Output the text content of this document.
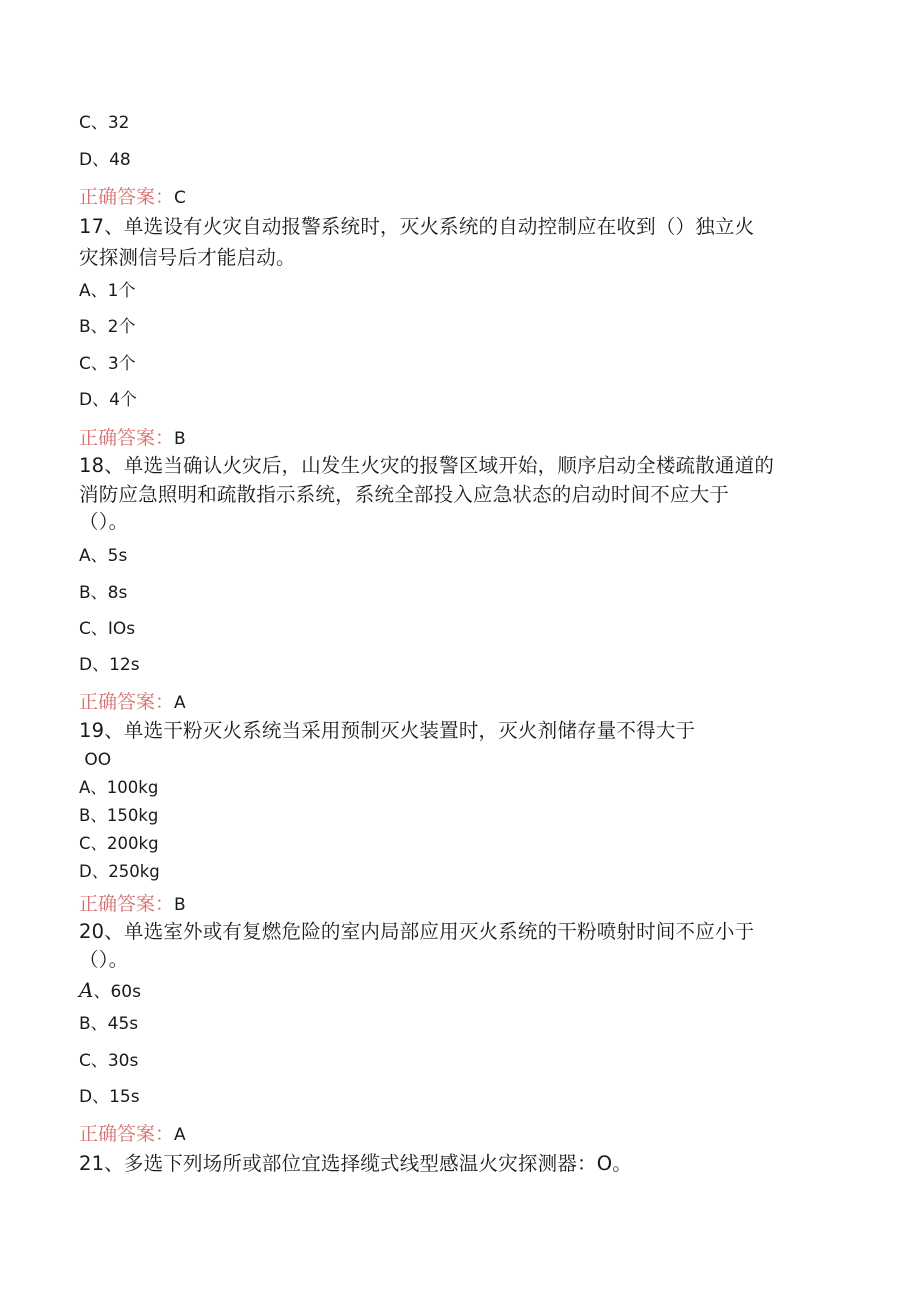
C、32
D、48
正确答案：C
17、单选设有火灾自动报警系统时，灭火系统的自动控制应在收到（）独立火
灾探测信号后才能启动。
A、1个
B、2个
C、3个
D、4个
正确答案：B
18、单选当确认火灾后，山发生火灾的报警区域开始，顺序启动全楼疏散通道的
消防应急照明和疏散指示系统，系统全部投入应急状态的启动时间不应大于
（）。
A、5s
B、8s
C、IOs
D、12s
正确答案：A
19、单选干粉灭火系统当采用预制灭火装置时，灭火剂储存量不得大于
OO
A、100kg
B、150kg
C、200kg
D、250kg
正确答案：B
20、单选室外或有复燃危险的室内局部应用灭火系统的干粉喷射时间不应小于
（）。
A、60s
B、45s
C、30s
D、15s
正确答案：A
21、多选下列场所或部位宜选择缆式线型感温火灾探测器：O。
